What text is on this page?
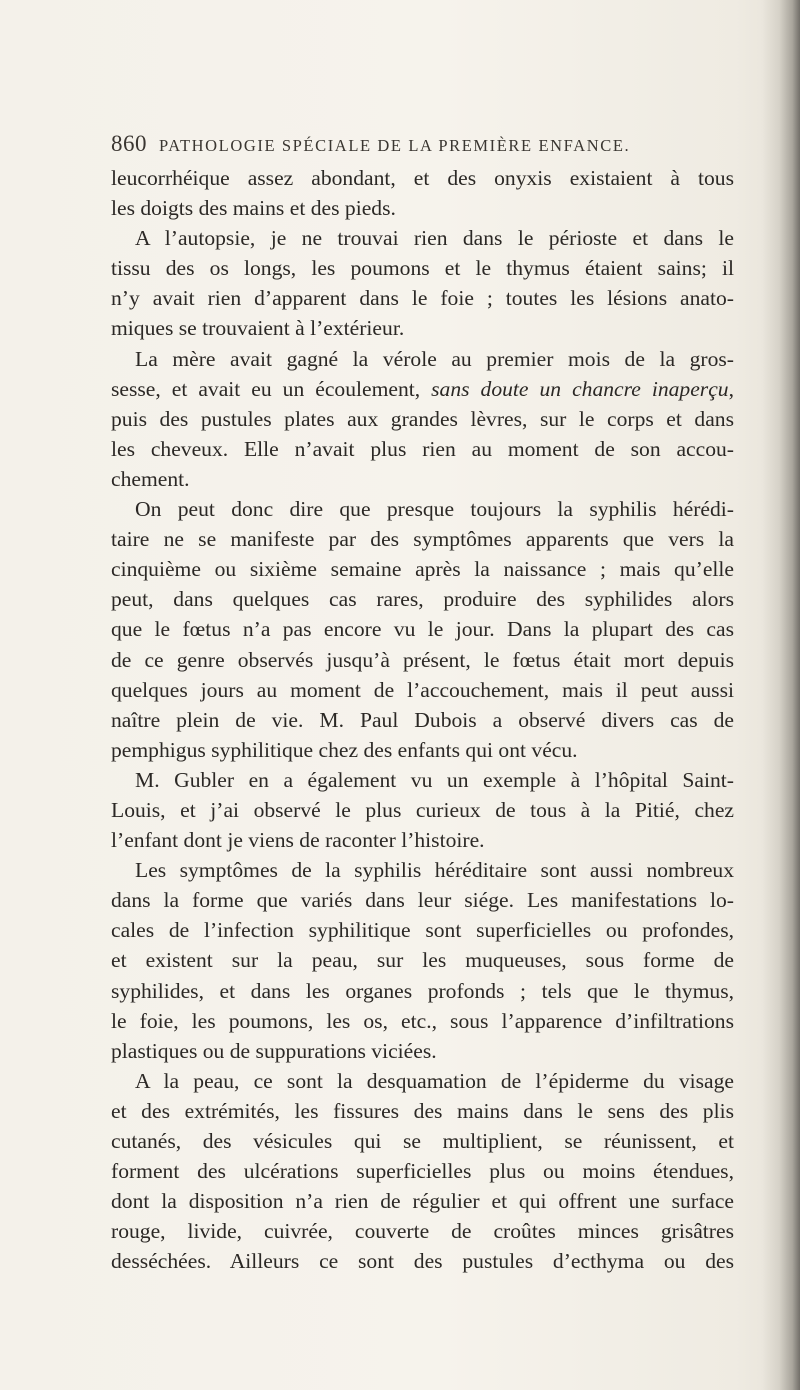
860 PATHOLOGIE SPÉCIALE DE LA PREMIÈRE ENFANCE.
leucorrhéique assez abondant, et des onyxis existaient à tous
les doigts des mains et des pieds.
A l’autopsie, je ne trouvai rien dans le périoste et dans le
tissu des os longs, les poumons et le thymus étaient sains; il
n’y avait rien d’apparent dans le foie ; toutes les lésions anato-
miques se trouvaient à l’extérieur.
La mère avait gagné la vérole au premier mois de la gros-
sesse, et avait eu un écoulement, sans doute un chancre inaperçu,
puis des pustules plates aux grandes lèvres, sur le corps et dans
les cheveux. Elle n’avait plus rien au moment de son accou-
chement.
On peut donc dire que presque toujours la syphilis hérédi-
taire ne se manifeste par des symptômes apparents que vers la
cinquième ou sixième semaine après la naissance ; mais qu’elle
peut, dans quelques cas rares, produire des syphilides alors
que le fœtus n’a pas encore vu le jour. Dans la plupart des cas
de ce genre observés jusqu’à présent, le fœtus était mort depuis
quelques jours au moment de l’accouchement, mais il peut aussi
naître plein de vie. M. Paul Dubois a observé divers cas de
pemphigus syphilitique chez des enfants qui ont vécu.
M. Gubler en a également vu un exemple à l’hôpital Saint-
Louis, et j’ai observé le plus curieux de tous à la Pitié, chez
l’enfant dont je viens de raconter l’histoire.
Les symptômes de la syphilis héréditaire sont aussi nombreux
dans la forme que variés dans leur siége. Les manifestations lo-
cales de l’infection syphilitique sont superficielles ou profondes,
et existent sur la peau, sur les muqueuses, sous forme de
syphilides, et dans les organes profonds ; tels que le thymus,
le foie, les poumons, les os, etc., sous l’apparence d’infiltrations
plastiques ou de suppurations viciées.
A la peau, ce sont la desquamation de l’épiderme du visage
et des extrémités, les fissures des mains dans le sens des plis
cutanés, des vésicules qui se multiplient, se réunissent, et
forment des ulcérations superficielles plus ou moins étendues,
dont la disposition n’a rien de régulier et qui offrent une surface
rouge, livide, cuivrée, couverte de croûtes minces grisâtres
desséchées. Ailleurs ce sont des pustules d’ecthyma ou des
